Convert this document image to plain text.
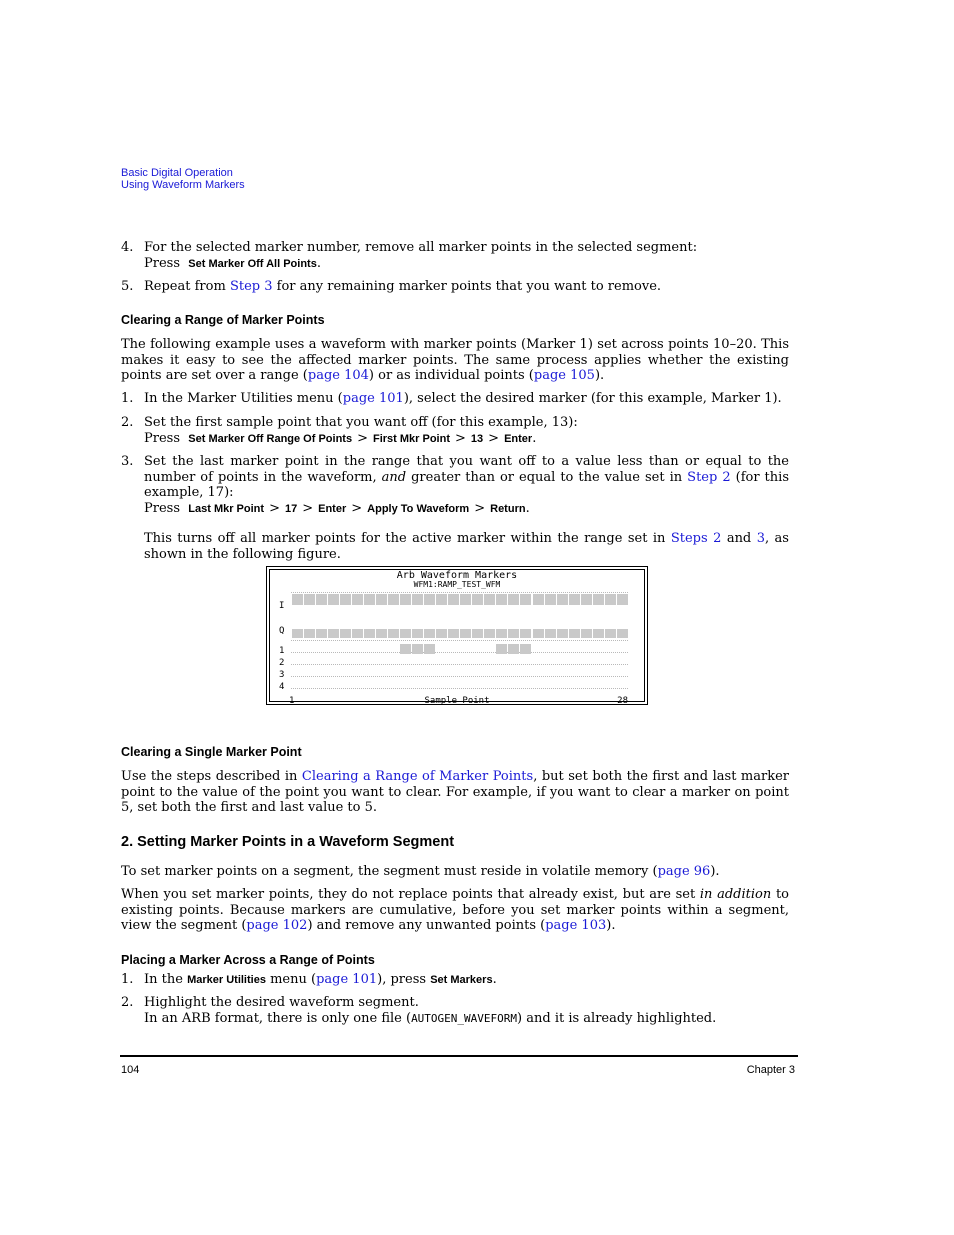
Basic Digital Operation
Using Waveform Markers
4. For the selected marker number, remove all marker points in the selected segment:
Press Set Marker Off All Points.
5. Repeat from Step 3 for any remaining marker points that you want to remove.
Clearing a Range of Marker Points
The following example uses a waveform with marker points (Marker 1) set across points 10–20. This makes it easy to see the affected marker points. The same process applies whether the existing points are set over a range (page 104) or as individual points (page 105).
1. In the Marker Utilities menu (page 101), select the desired marker (for this example, Marker 1).
2. Set the first sample point that you want off (for this example, 13):
Press Set Marker Off Range Of Points > First Mkr Point > 13 > Enter.
3. Set the last marker point in the range that you want off to a value less than or equal to the number of points in the waveform, and greater than or equal to the value set in Step 2 (for this example, 17):
Press Last Mkr Point > 17 > Enter > Apply To Waveform > Return.
This turns off all marker points for the active marker within the range set in Steps 2 and 3, as shown in the following figure.
Arb Waveform Markers
WFM1:RAMP_TEST_WFM
I
Q
1
2
3
4
1	Sample Point	28
Clearing a Single Marker Point
Use the steps described in Clearing a Range of Marker Points, but set both the first and last marker point to the value of the point you want to clear. For example, if you want to clear a marker on point 5, set both the first and last value to 5.
2. Setting Marker Points in a Waveform Segment
To set marker points on a segment, the segment must reside in volatile memory (page 96).
When you set marker points, they do not replace points that already exist, but are set in addition to existing points. Because markers are cumulative, before you set marker points within a segment, view the segment (page 102) and remove any unwanted points (page 103).
Placing a Marker Across a Range of Points
1. In the Marker Utilities menu (page 101), press Set Markers.
2. Highlight the desired waveform segment.
In an ARB format, there is only one file (AUTOGEN_WAVEFORM) and it is already highlighted.
104	Chapter 3
